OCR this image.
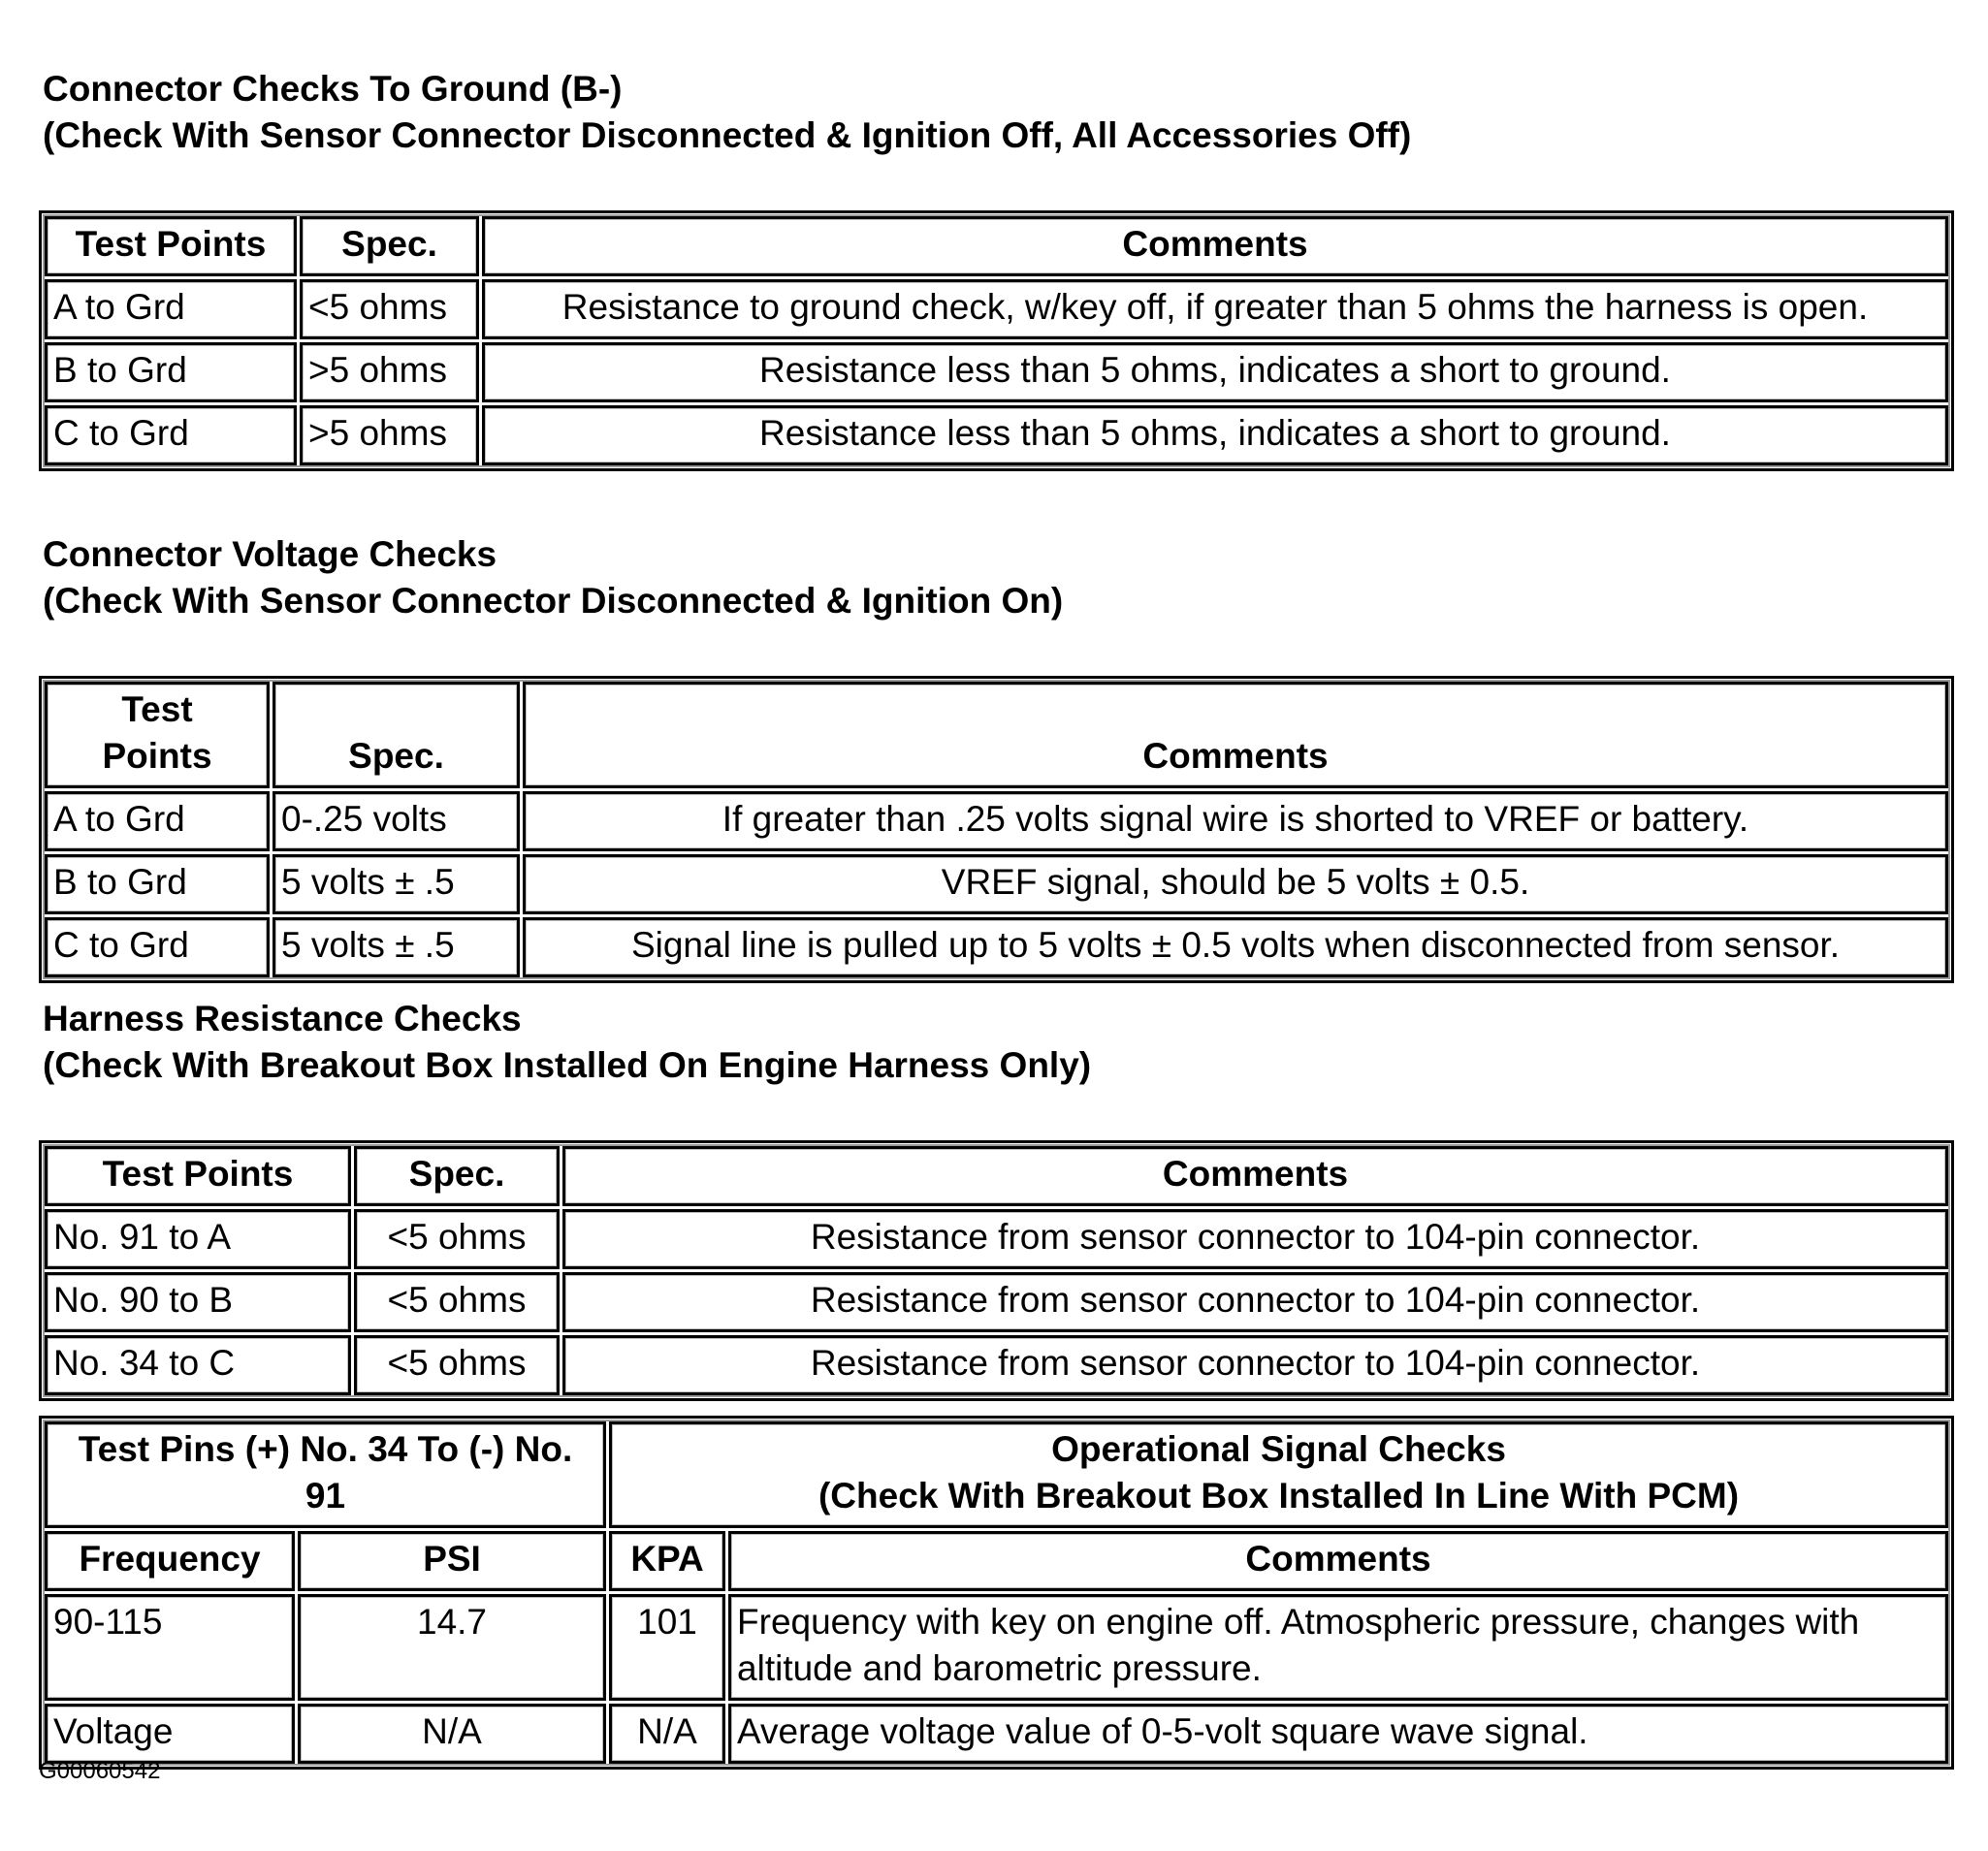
Connector Checks To Ground (B-)
(Check With Sensor Connector Disconnected & Ignition Off, All Accessories Off)
Test Points	Spec.	Comments
A to Grd	<5 ohms	Resistance to ground check, w/key off, if greater than 5 ohms the harness is open.
B to Grd	>5 ohms	Resistance less than 5 ohms, indicates a short to ground.
C to Grd	>5 ohms	Resistance less than 5 ohms, indicates a short to ground.
Connector Voltage Checks
(Check With Sensor Connector Disconnected & Ignition On)
Test Points	Spec.	Comments
A to Grd	0-.25 volts	If greater than .25 volts signal wire is shorted to VREF or battery.
B to Grd	5 volts ± .5	VREF signal, should be 5 volts ± 0.5.
C to Grd	5 volts ± .5	Signal line is pulled up to 5 volts ± 0.5 volts when disconnected from sensor.
Harness Resistance Checks
(Check With Breakout Box Installed On Engine Harness Only)
Test Points	Spec.	Comments
No. 91 to A	<5 ohms	Resistance from sensor connector to 104-pin connector.
No. 90 to B	<5 ohms	Resistance from sensor connector to 104-pin connector.
No. 34 to C	<5 ohms	Resistance from sensor connector to 104-pin connector.
Test Pins (+) No. 34 To (-) No. 91		Operational Signal Checks
(Check With Breakout Box Installed In Line With PCM)	

Frequency	PSI	KPA	Comments
90-115	14.7	101	Frequency with key on engine off. Atmospheric pressure, changes with altitude and barometric pressure.
Voltage	N/A	N/A	Average voltage value of 0-5-volt square wave signal.
G00060542
